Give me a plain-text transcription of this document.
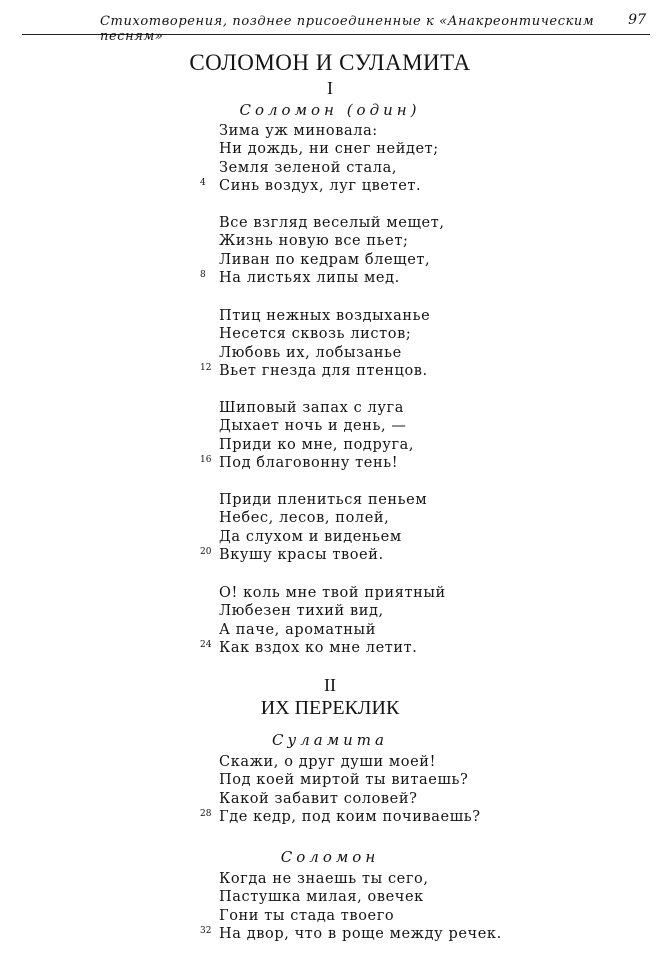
Стихотворения, позднее присоединенные к «Анакреонтическим песням»
97
СОЛОМОН И СУЛАМИТА
I
Соломон (один)
Зима уж миновала:
Ни дождь, ни снег нейдет;
Земля зеленой стала,
4 Синь воздух, луг цветет.
Все взгляд веселый мещет,
Жизнь новую все пьет;
Ливан по кедрам блещет,
8 На листьях липы мед.
Птиц нежных воздыханье
Несется сквозь листов;
Любовь их, лобызанье
12 Вьет гнезда для птенцов.
Шиповый запах с луга
Дыхает ночь и день, —
Приди ко мне, подруга,
16 Под благовонну тень!
Приди плениться пеньем
Небес, лесов, полей,
Да слухом и виденьем
20 Вкушу красы твоей.
О! коль мне твой приятный
Любезен тихий вид,
А паче, ароматный
24 Как вздох ко мне летит.
II
ИХ ПЕРЕКЛИК
Суламита
Скажи, о друг души моей!
Под коей миртой ты витаешь?
Какой забавит соловей?
28 Где кедр, под коим почиваешь?
Соломон
Когда не знаешь ты сего,
Пастушка милая, овечек
Гони ты стада твоего
32 На двор, что в роще между речек.
